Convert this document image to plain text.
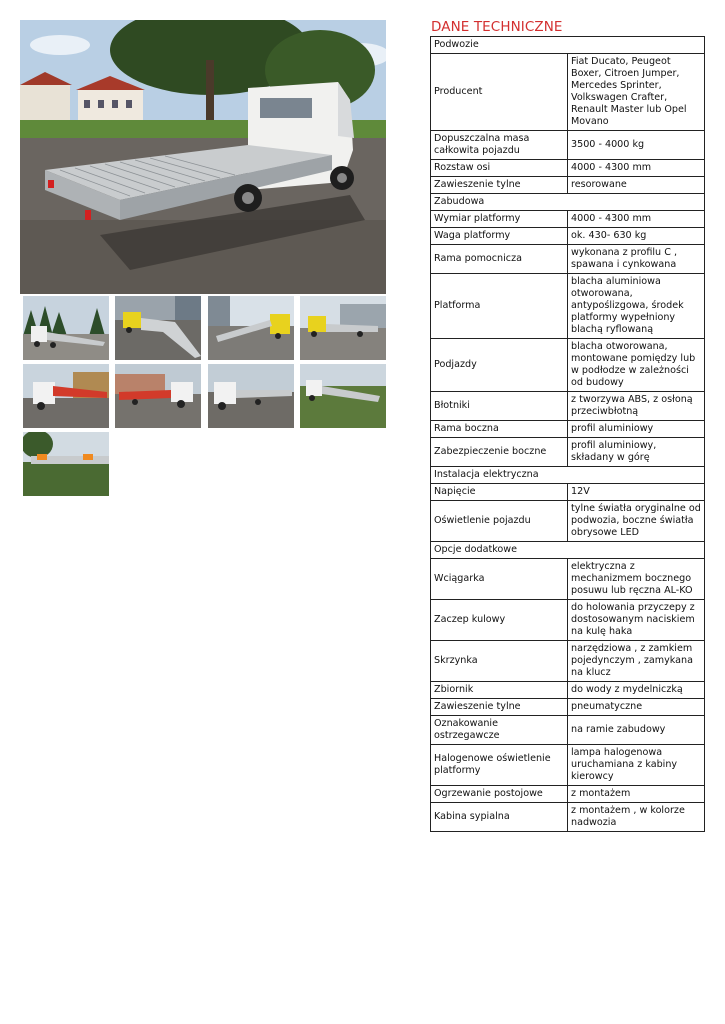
DANE TECHNICZNE
Podwozie	
Producent	Fiat Ducato, Peugeot Boxer, Citroen Jumper, Mercedes Sprinter, Volkswagen Crafter, Renault Master lub Opel Movano
Dopuszczalna masa całkowita pojazdu	3500 - 4000 kg
Rozstaw osi	4000 - 4300 mm
Zawieszenie tylne	resorowane
Zabudowa	
Wymiar platformy	4000 - 4300 mm
Waga platformy	ok. 430- 630 kg
Rama pomocnicza	wykonana z profilu C , spawana i cynkowana
Platforma	blacha aluminiowa otworowana, antypoślizgowa, środek platformy wypełniony blachą ryflowaną
Podjazdy	blacha otworowana, montowane pomiędzy lub w podłodze w zależności od budowy
Błotniki	z tworzywa ABS, z osłoną przeciwbłotną
Rama boczna	profil aluminiowy
Zabezpieczenie boczne	profil aluminiowy, składany w górę
Instalacja elektryczna	
Napięcie	12V
Oświetlenie pojazdu	tylne światła oryginalne od podwozia, boczne światła obrysowe LED
Opcje dodatkowe	
Wciągarka	elektryczna z mechanizmem bocznego posuwu lub ręczna AL-KO
Zaczep kulowy	do holowania przyczepy z dostosowanym naciskiem na kulę haka
Skrzynka	narzędziowa , z zamkiem pojedynczym , zamykana na klucz
Zbiornik	do wody z mydelniczką
Zawieszenie tylne	pneumatyczne
Oznakowanie ostrzegawcze	na ramie zabudowy
Halogenowe oświetlenie platformy	lampa halogenowa uruchamiana z kabiny kierowcy
Ogrzewanie postojowe	z montażem
Kabina sypialna	z montażem , w kolorze nadwozia
